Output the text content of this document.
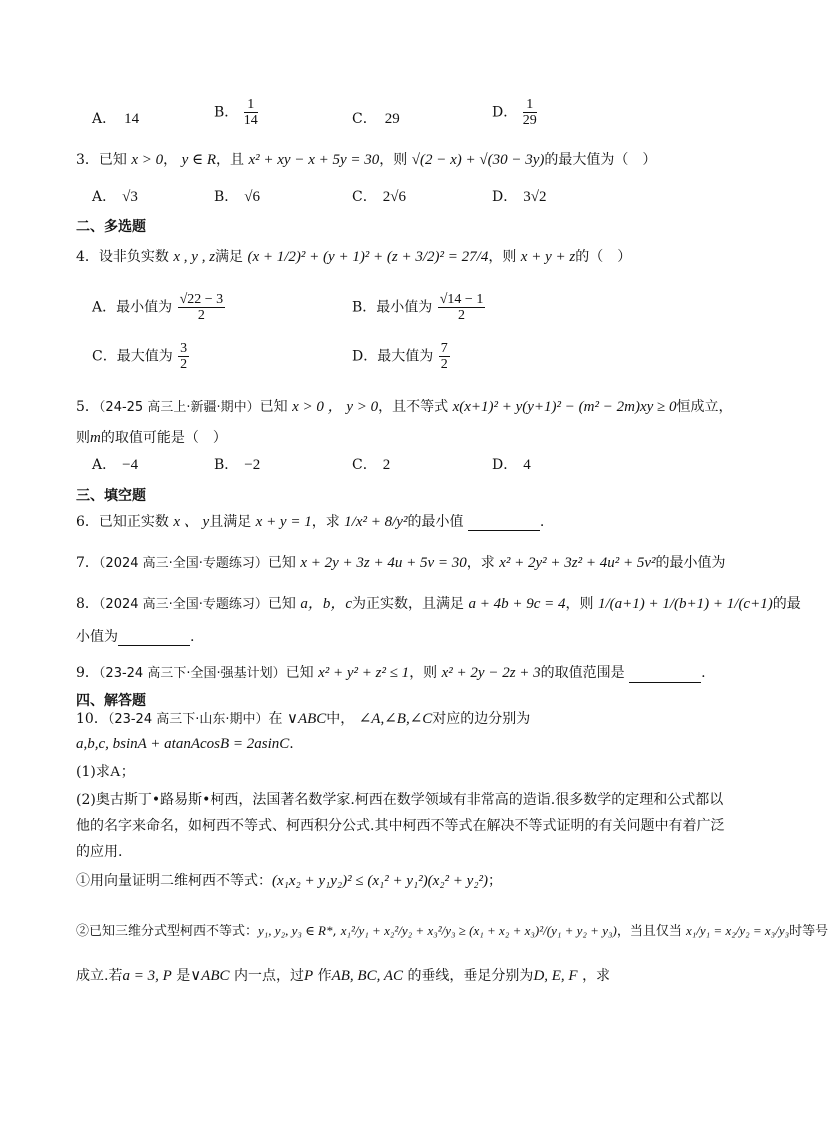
A． 14	B． $\frac{1}{14}$	C． 29	D． $\frac{1}{29}$
3．已知 x > 0， y ∈ R，且 x² + xy − x + 5y = 30，则 √(2 − x) + √(30 − 3y)的最大值为（　）
A． √3	B． √6	C． 2√6	D． 3√2
二、多选题
4．设非负实数 x , y , z满足 (x + 1/2)² + (y + 1)² + (z + 3/2)² = 27/4，则 x + y + z的（　）
A．最小值为 $\frac{√22 - 3}{2}$	B．最小值为 $\frac{√14 - 1}{2}$
C．最大值为 $\frac{3}{2}$	D．最大值为 $\frac{7}{2}$
5．（24-25 高三上·新疆·期中）已知 x > 0 ， y > 0，且不等式 x(x+1)² + y(y+1)² − (m² − 2m)xy ≥ 0恒成立，
则m的取值可能是（　）
A． −4	B． −2	C． 2	D． 4
三、填空题
6．已知正实数 x 、 y且满足 x + y = 1，求 1/x² + 8/y²的最小值	.
7．（2024 高三·全国·专题练习）已知 x + 2y + 3z + 4u + 5v = 30，求 x² + 2y² + 3z² + 4u² + 5v²的最小值为
8．（2024 高三·全国·专题练习）已知 a，b，c为正实数，且满足 a + 4b + 9c = 4，则 1/(a+1) + 1/(b+1) + 1/(c+1)的最
小值为	.
9．（23-24 高三下·全国·强基计划）已知 x² + y² + z² ≤ 1，则 x² + 2y − 2z + 3的取值范围是	.
四、解答题
10．（23-24 高三下·山东·期中）在 ∨ABC中， ∠A,∠B,∠C对应的边分别为
a,b,c, bsinA + atanAcosB = 2asinC.
(1)求A；
(2)奥古斯丁•路易斯•柯西，法国著名数学家.柯西在数学领域有非常高的造诣.很多数学的定理和公式都以
他的名字来命名，如柯西不等式、柯西积分公式.其中柯西不等式在解决不等式证明的有关问题中有着广泛
的应用.
①用向量证明二维柯西不等式：(x₁x₂ + y₁y₂)² ≤ (x₁² + y₁²)(x₂² + y₂²)；
②已知三维分式型柯西不等式：y₁, y₂, y₃ ∈ R*, x₁²/y₁ + x₂²/y₂ + x₃²/y₃ ≥ (x₁ + x₂ + x₃)²/(y₁ + y₂ + y₃)，当且仅当 x₁/y₁ = x₂/y₂ = x₃/y₃时等号
成立.若a = 3, P 是∨ABC 内一点，过P 作AB, BC, AC 的垂线，垂足分别为D, E, F ，求
